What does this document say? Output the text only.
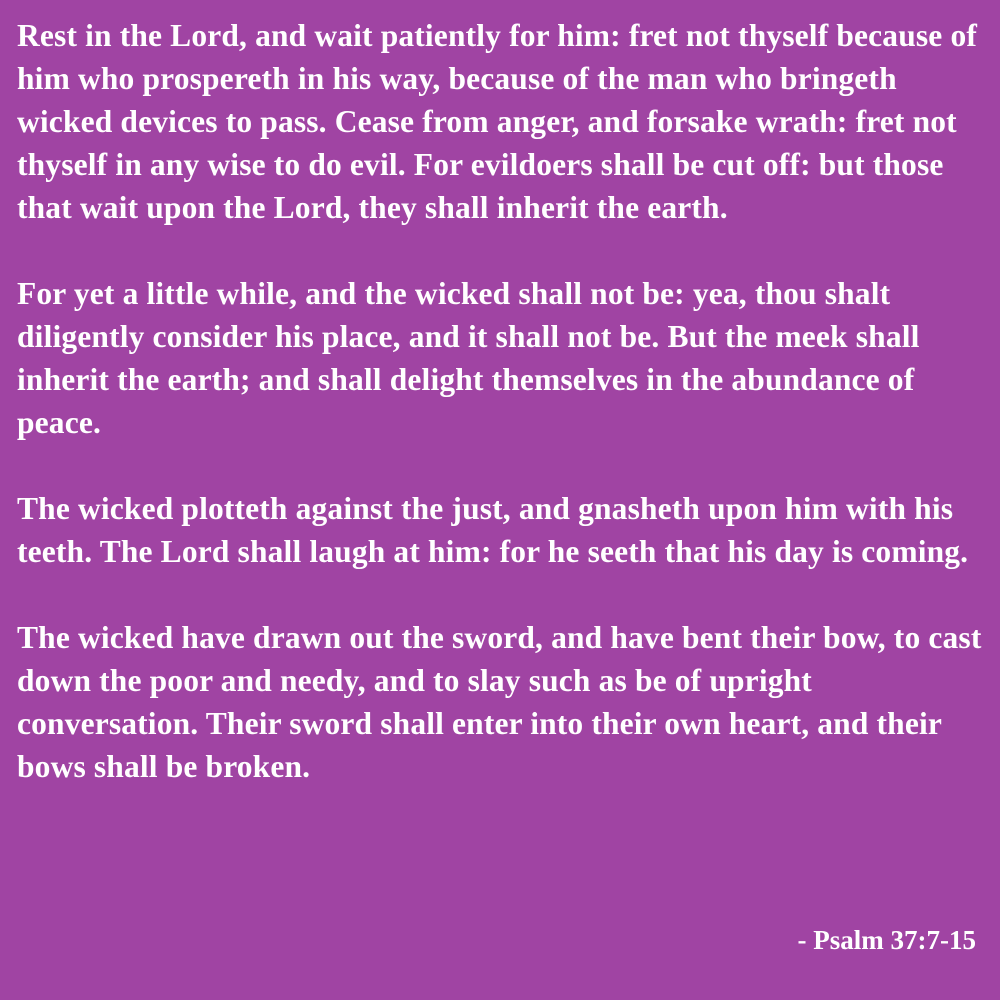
Rest in the Lord, and wait patiently for him: fret not thyself because of him who prospereth in his way, because of the man who bringeth wicked devices to pass. Cease from anger, and forsake wrath: fret not thyself in any wise to do evil. For evildoers shall be cut off: but those that wait upon the Lord, they shall inherit the earth.

For yet a little while, and the wicked shall not be: yea, thou shalt diligently consider his place, and it shall not be. But the meek shall inherit the earth; and shall delight themselves in the abundance of peace.

The wicked plotteth against the just, and gnasheth upon him with his teeth. The Lord shall laugh at him: for he seeth that his day is coming.

The wicked have drawn out the sword, and have bent their bow, to cast down the poor and needy, and to slay such as be of upright conversation. Their sword shall enter into their own heart, and their bows shall be broken.

- Psalm 37:7-15
